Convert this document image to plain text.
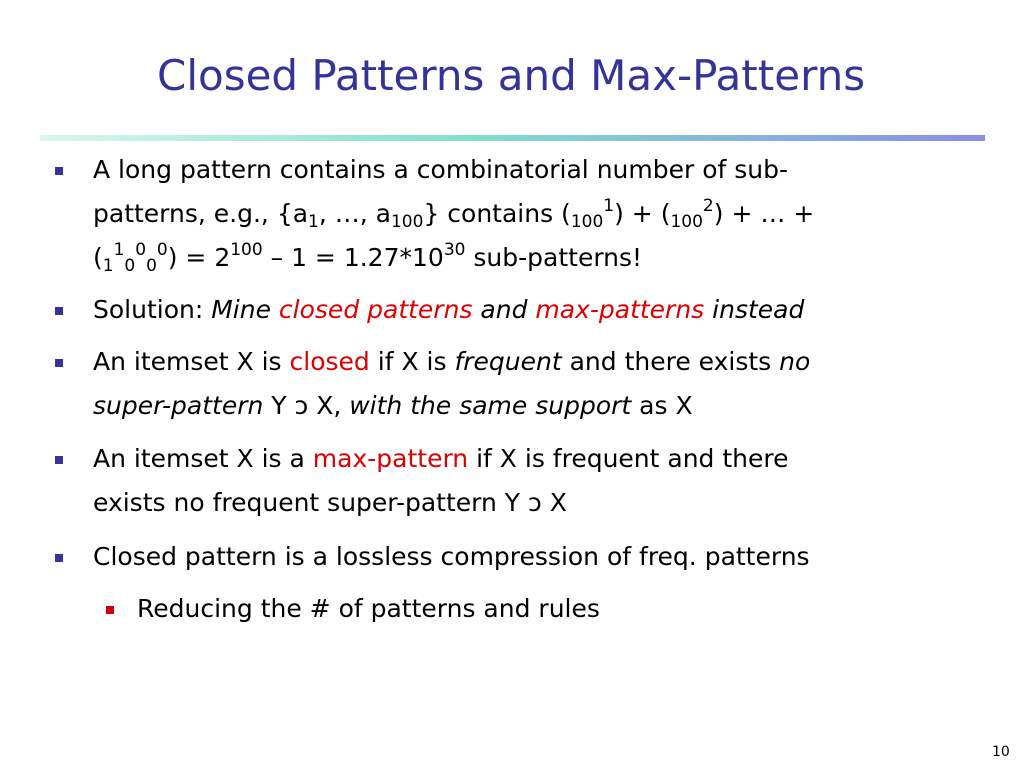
Closed Patterns and Max-Patterns
A long pattern contains a combinatorial number of sub-
patterns, e.g., {$a_1$, …, $a_{100}$} contains $(_{100}^1) + (_{100}^2)$ + … +
$(_1^1_0^0_0^0) = 2^{100} - 1 = 1.27*10^{30}$ sub-patterns!
Solution: Mine closed patterns and max-patterns instead
An itemset X is closed if X is frequent and there exists no
super-pattern Y ɔ X, with the same support as X
An itemset X is a max-pattern if X is frequent and there
exists no frequent super-pattern Y ɔ X
Closed pattern is a lossless compression of freq. patterns
Reducing the # of patterns and rules
10
